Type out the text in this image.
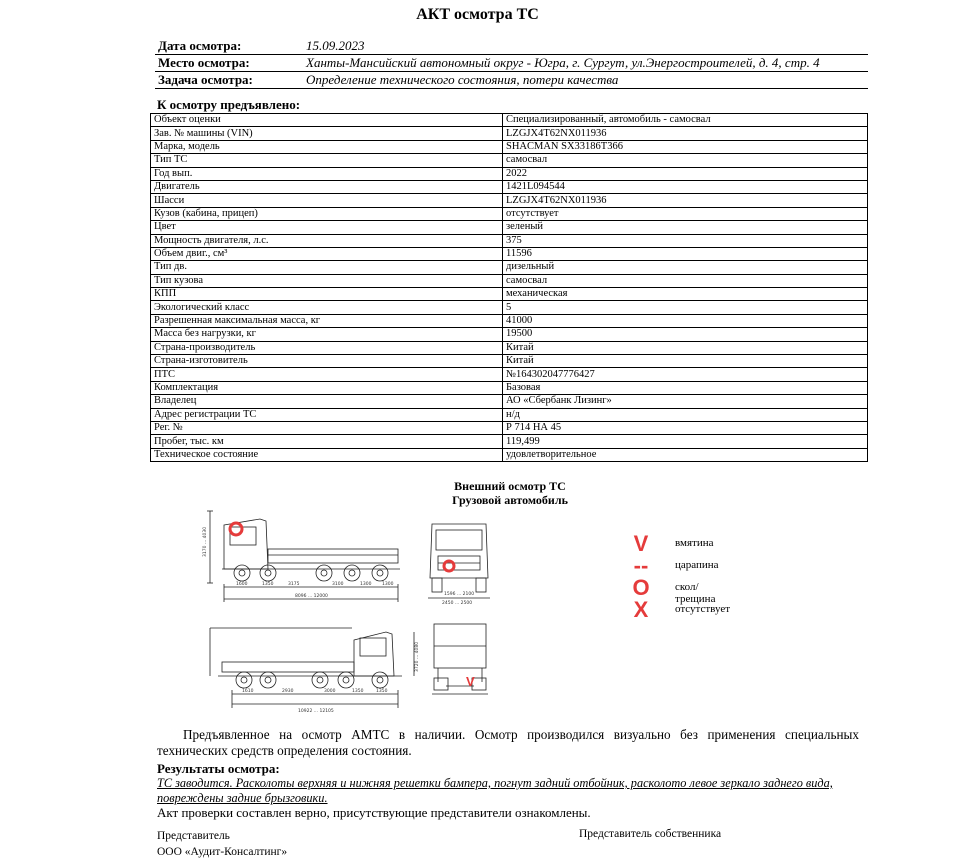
АКТ осмотра ТС
Дата осмотра:	15.09.2023
Место осмотра:	Ханты-Мансийский автономный округ - Югра, г. Сургут, ул.Энергостроителей, д. 4, стр. 4
Задача осмотра:	Определение технического состояния, потери качества
К осмотру предъявлено:
Объект оценки	Специализированный, автомобиль - самосвал
Зав. № машины (VIN)	LZGJX4T62NX011936
Марка, модель	SHACMAN SX33186T366
Тип ТС	самосвал
Год вып.	2022
Двигатель	1421L094544
Шасси	LZGJX4T62NX011936
Кузов (кабина, прицеп)	отсутствует
Цвет	зеленый
Мощность двигателя, л.с.	375
Объем двиг., см³	11596
Тип дв.	дизельный
Тип кузова	самосвал
КПП	механическая
Экологический класс	5
Разрешенная максимальная масса, кг	41000
Масса без нагрузки, кг	19500
Страна-производитель	Китай
Страна-изготовитель	Китай
ПТС	№164302047776427
Комплектация	Базовая
Владелец	АО «Сбербанк Лизинг»
Адрес регистрации ТС	н/д
Рег. №	Р 714 НА 45
Пробег, тыс. км	119,499
Техническое состояние	удовлетворительное
Внешний осмотр ТС
Грузовой автомобиль
1600	1350	3175	3100	1300 1300
8096 ... 12000
3170 ... 4030
1596 ... 2100
2450 ... 2500
1610	2930	3000	1350	1350
3720 ... 4080
10922 ... 12105
V
V	вмятина
--	царапина
O	скол/трещина
X	отсутствует
Предъявленное на осмотр АМТС в наличии. Осмотр производился визуально без применения специальных технических средств определения состояния.
Результаты осмотра:
ТС заводится. Расколоты верхняя и нижняя решетки бампера, погнут задний отбойник, расколото левое зеркало заднего вида, повреждены задние брызговики.
Акт проверки составлен верно, присутствующие представители ознакомлены.
Представитель
ООО «Аудит-Консалтинг»
Представитель собственника
